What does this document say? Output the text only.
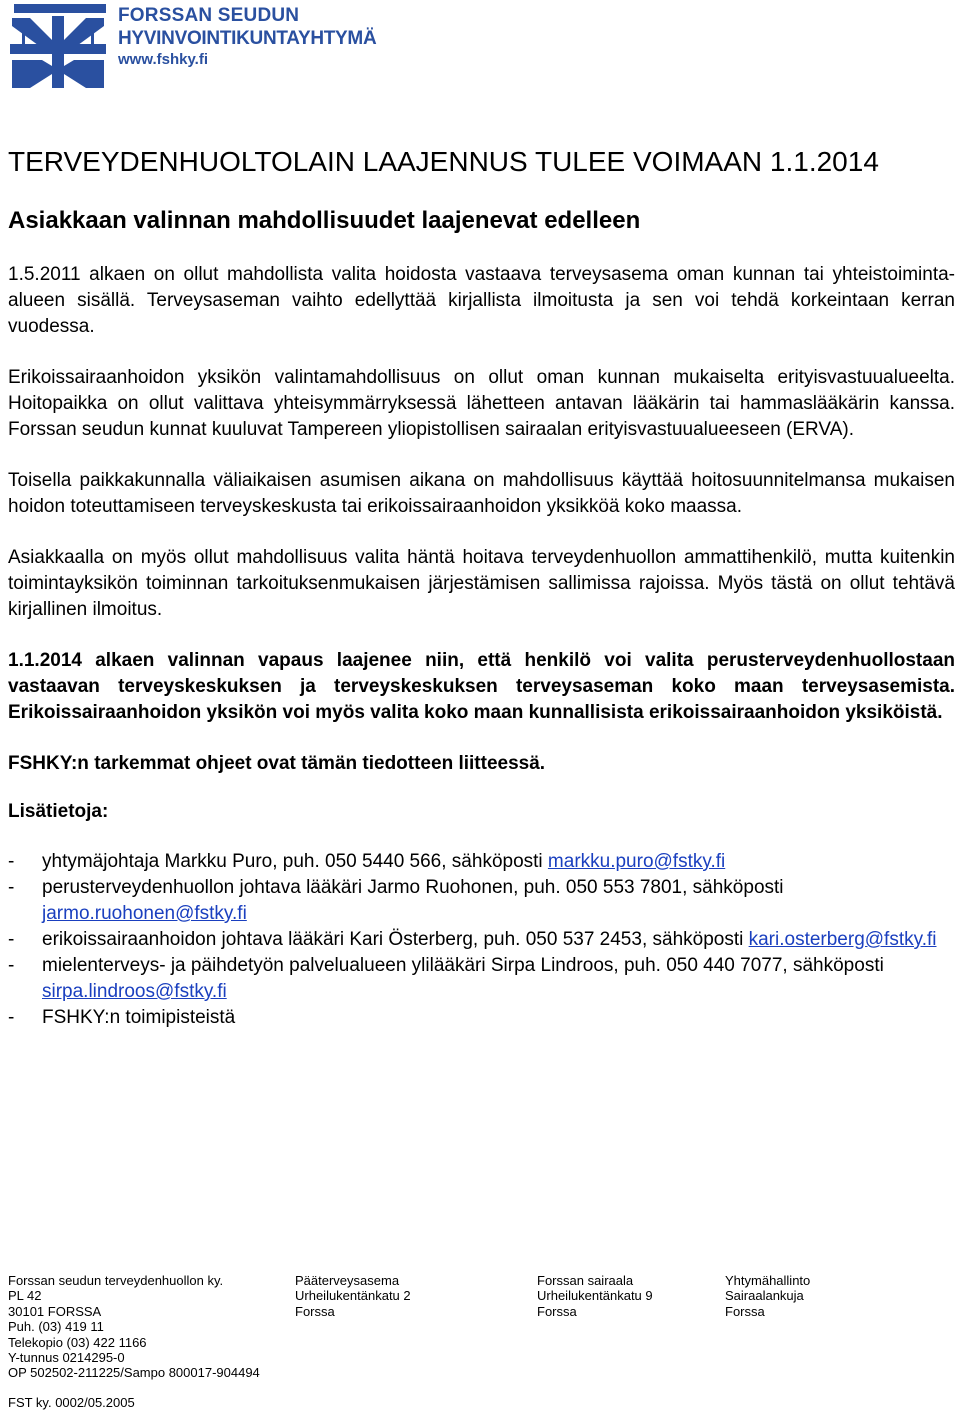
FORSSAN SEUDUN
HYVINVOINTIKUNTAYHTYMÄ
www.fshky.fi
TERVEYDENHUOLTOLAIN LAAJENNUS TULEE VOIMAAN 1.1.2014
Asiakkaan valinnan mahdollisuudet laajenevat edelleen

1.5.2011 alkaen on ollut mahdollista valita hoidosta vastaava terveysasema oman kunnan tai yhteistoiminta-alueen sisällä. Terveysaseman vaihto edellyttää kirjallista ilmoitusta ja sen voi tehdä korkeintaan kerran vuodessa.

Erikoissairaanhoidon yksikön valintamahdollisuus on ollut oman kunnan mukaiselta erityisvastuualueelta. Hoitopaikka on ollut valittava yhteisymmärryksessä lähetteen antavan lääkärin tai hammaslääkärin kanssa. Forssan seudun kunnat kuuluvat Tampereen yliopistollisen sairaalan erityisvastuualueeseen (ERVA).

Toisella paikkakunnalla väliaikaisen asumisen aikana on mahdollisuus käyttää hoitosuunnitelmansa mukaisen hoidon toteuttamiseen terveyskeskusta tai erikoissairaanhoidon yksikköä koko maassa.

Asiakkaalla on myös ollut mahdollisuus valita häntä hoitava terveydenhuollon ammattihenkilö, mutta kuitenkin toimintayksikön toiminnan tarkoituksenmukaisen järjestämisen sallimissa rajoissa. Myös tästä on ollut tehtävä kirjallinen ilmoitus.

1.1.2014 alkaen valinnan vapaus laajenee niin, että henkilö voi valita perusterveydenhuollostaan vastaavan terveyskeskuksen ja terveyskeskuksen terveysaseman koko maan terveysasemista. Erikoissairaanhoidon yksikön voi myös valita koko maan kunnallisista erikoissairaanhoidon yksiköistä.

FSHKY:n tarkemmat ohjeet ovat tämän tiedotteen liitteessä.

Lisätietoja:

- yhtymäjohtaja Markku Puro, puh. 050 5440 566, sähköposti markku.puro@fstky.fi
- perusterveydenhuollon johtava lääkäri Jarmo Ruohonen, puh. 050 553 7801, sähköposti jarmo.ruohonen@fstky.fi
- erikoissairaanhoidon johtava lääkäri Kari Österberg, puh. 050 537 2453, sähköposti kari.osterberg@fstky.fi
- mielenterveys- ja päihdetyön palvelualueen ylilääkäri Sirpa Lindroos, puh. 050 440 7077, sähköposti sirpa.lindroos@fstky.fi
- FSHKY:n toimipisteistä
Forssan seudun terveydenhuollon ky.
PL 42
30101 FORSSA
Puh. (03) 419 11
Telekopio (03) 422 1166
Y-tunnus 0214295-0
OP 502502-211225/Sampo 800017-904494
Pääterveysasema
Urheilukentänkatu 2
Forssa
Forssan sairaala
Urheilukentänkatu 9
Forssa
Yhtymähallinto
Sairaalankuja
Forssa
FST ky. 0002/05.2005
